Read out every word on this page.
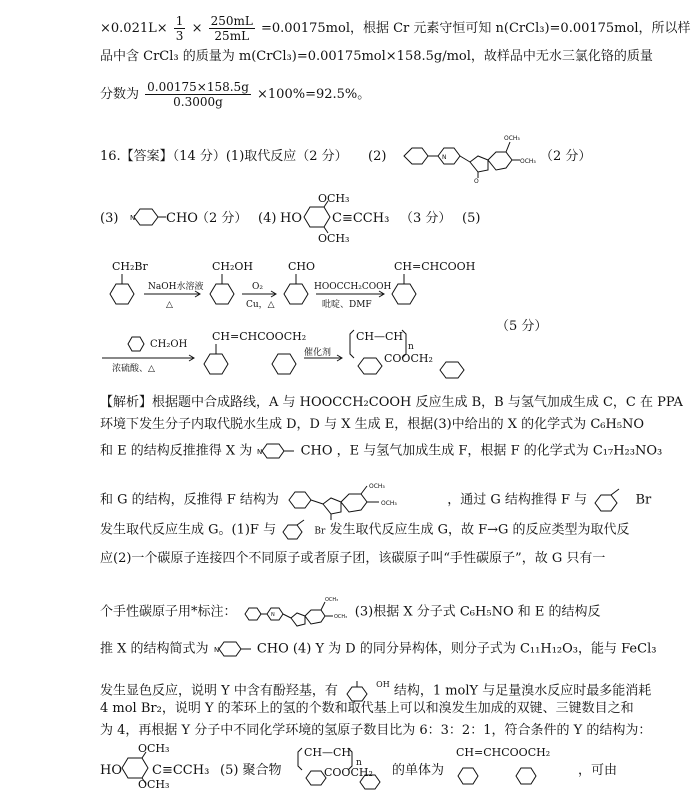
$\times 0.021L\times \frac{1}{3} \times \frac{250mL}{25mL} =0.00175mol$，根据 Cr 元素守恒可知 n(CrCl₃)=0.00175mol，所以样
品中含 CrCl₃ 的质量为 m(CrCl₃)=0.00175mol×158.5g/mol，故样品中无水三氯化铬的质量
分数为 $\frac{0.00175\times 158.5g}{0.3000g} \times 100\%=92.5\%$。
16.【答案】（14 分）(1)取代反应（2 分） (2)	N
O
OCH₃
OCH₃ （2 分）
(3) N CHO
（2 分） (4) HO
OCH₃
OCH₃
C≡CCH₃ （3 分） (5)
CH₂Br
NaOH水溶液
△
CH₂OH
O₂
Cu，△
CHO
HOOCCH₂COOH
吡啶、DMF
CH=CHCOOH
CH₂OH
浓硫酸、△
CH=CHCOOCH₂
催化剂
CH—CH
n
COOCH₂
（5 分）
【解析】根据题中合成路线，A 与 HOOCCH₂COOH 反应生成 B，B 与氢气加成生成 C，C 在 PPA
环境下发生分子内取代脱水生成 D，D 与 X 生成 E，根据(3)中给出的 X 的化学式为 C₆H₅NO
和 E 的结构反推推得 X 为 N	CHO ，E 与氢气加成生成 F，根据 F 的化学式为 C₁₇H₂₃NO₃
和 G 的结构，反推得 F 结构为
OCH₃
OCH₃	，通过 G 结构推得 F 与	Br
发生取代反应生成 G。(1)F 与	Br 发生取代反应生成 G，故 F→G 的反应类型为取代反
应(2)一个碳原子连接四个不同原子或者原子团，该碳原子叫“手性碳原子”，故 G 只有一
个手性碳原子用*标注：	N
OCH₃
OCH₃ (3)根据 X 分子式 C₆H₅NO 和 E 的结构反
推 X 的结构简式为 N	CHO (4) Y 为 D 的同分异构体，则分子式为 C₁₁H₁₂O₃，能与 FeCl₃
发生显色反应，说明 Y 中含有酚羟基，有	$^{OH}$ 结构，1 molY 与足量溴水反应时最多能消耗
4 mol Br₂，说明 Y 的苯环上的氢的个数和取代基上可以和溴发生加成的双键、三键数目之和
为 4，再根据 Y 分子中不同化学环境的氢原子数目比为 6：3：2：1，符合条件的 Y 的结构为：
HO
OCH₃
OCH₃
C≡CCH₃ (5) 聚合物
CH—CH
n
COOCH₂ 的单体为
CH=CHCOOCH₂
，可由
